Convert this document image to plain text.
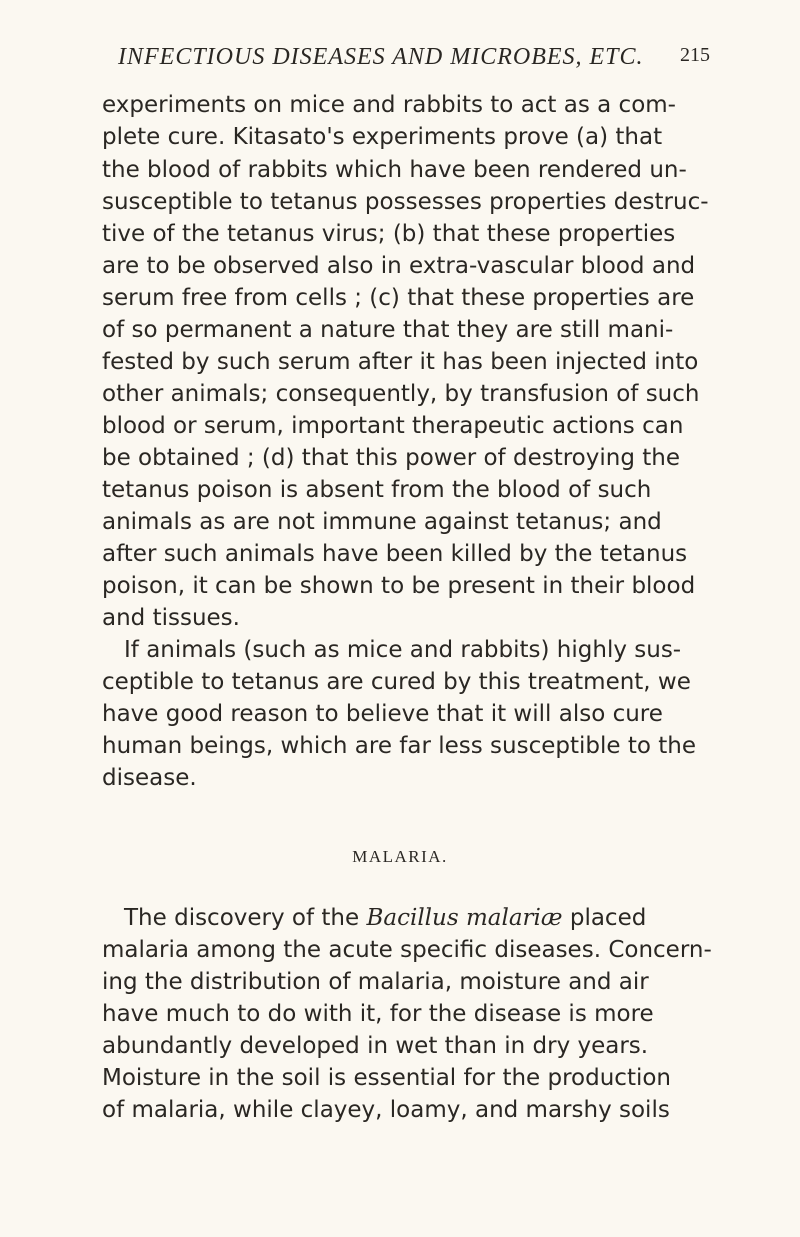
INFECTIOUS DISEASES AND MICROBES, ETC. 215
experiments on mice and rabbits to act as a com-
plete cure. Kitasato's experiments prove (a) that
the blood of rabbits which have been rendered un-
susceptible to tetanus possesses properties destruc-
tive of the tetanus virus; (b) that these properties
are to be observed also in extra-vascular blood and
serum free from cells ; (c) that these properties are
of so permanent a nature that they are still mani-
fested by such serum after it has been injected into
other animals; consequently, by transfusion of such
blood or serum, important therapeutic actions can
be obtained ; (d) that this power of destroying the
tetanus poison is absent from the blood of such
animals as are not immune against tetanus; and
after such animals have been killed by the tetanus
poison, it can be shown to be present in their blood
and tissues.
If animals (such as mice and rabbits) highly sus-
ceptible to tetanus are cured by this treatment, we
have good reason to believe that it will also cure
human beings, which are far less susceptible to the
disease.
MALARIA.
The discovery of the Bacillus malariæ placed
malaria among the acute specific diseases. Concern-
ing the distribution of malaria, moisture and air
have much to do with it, for the disease is more
abundantly developed in wet than in dry years.
Moisture in the soil is essential for the production
of malaria, while clayey, loamy, and marshy soils
